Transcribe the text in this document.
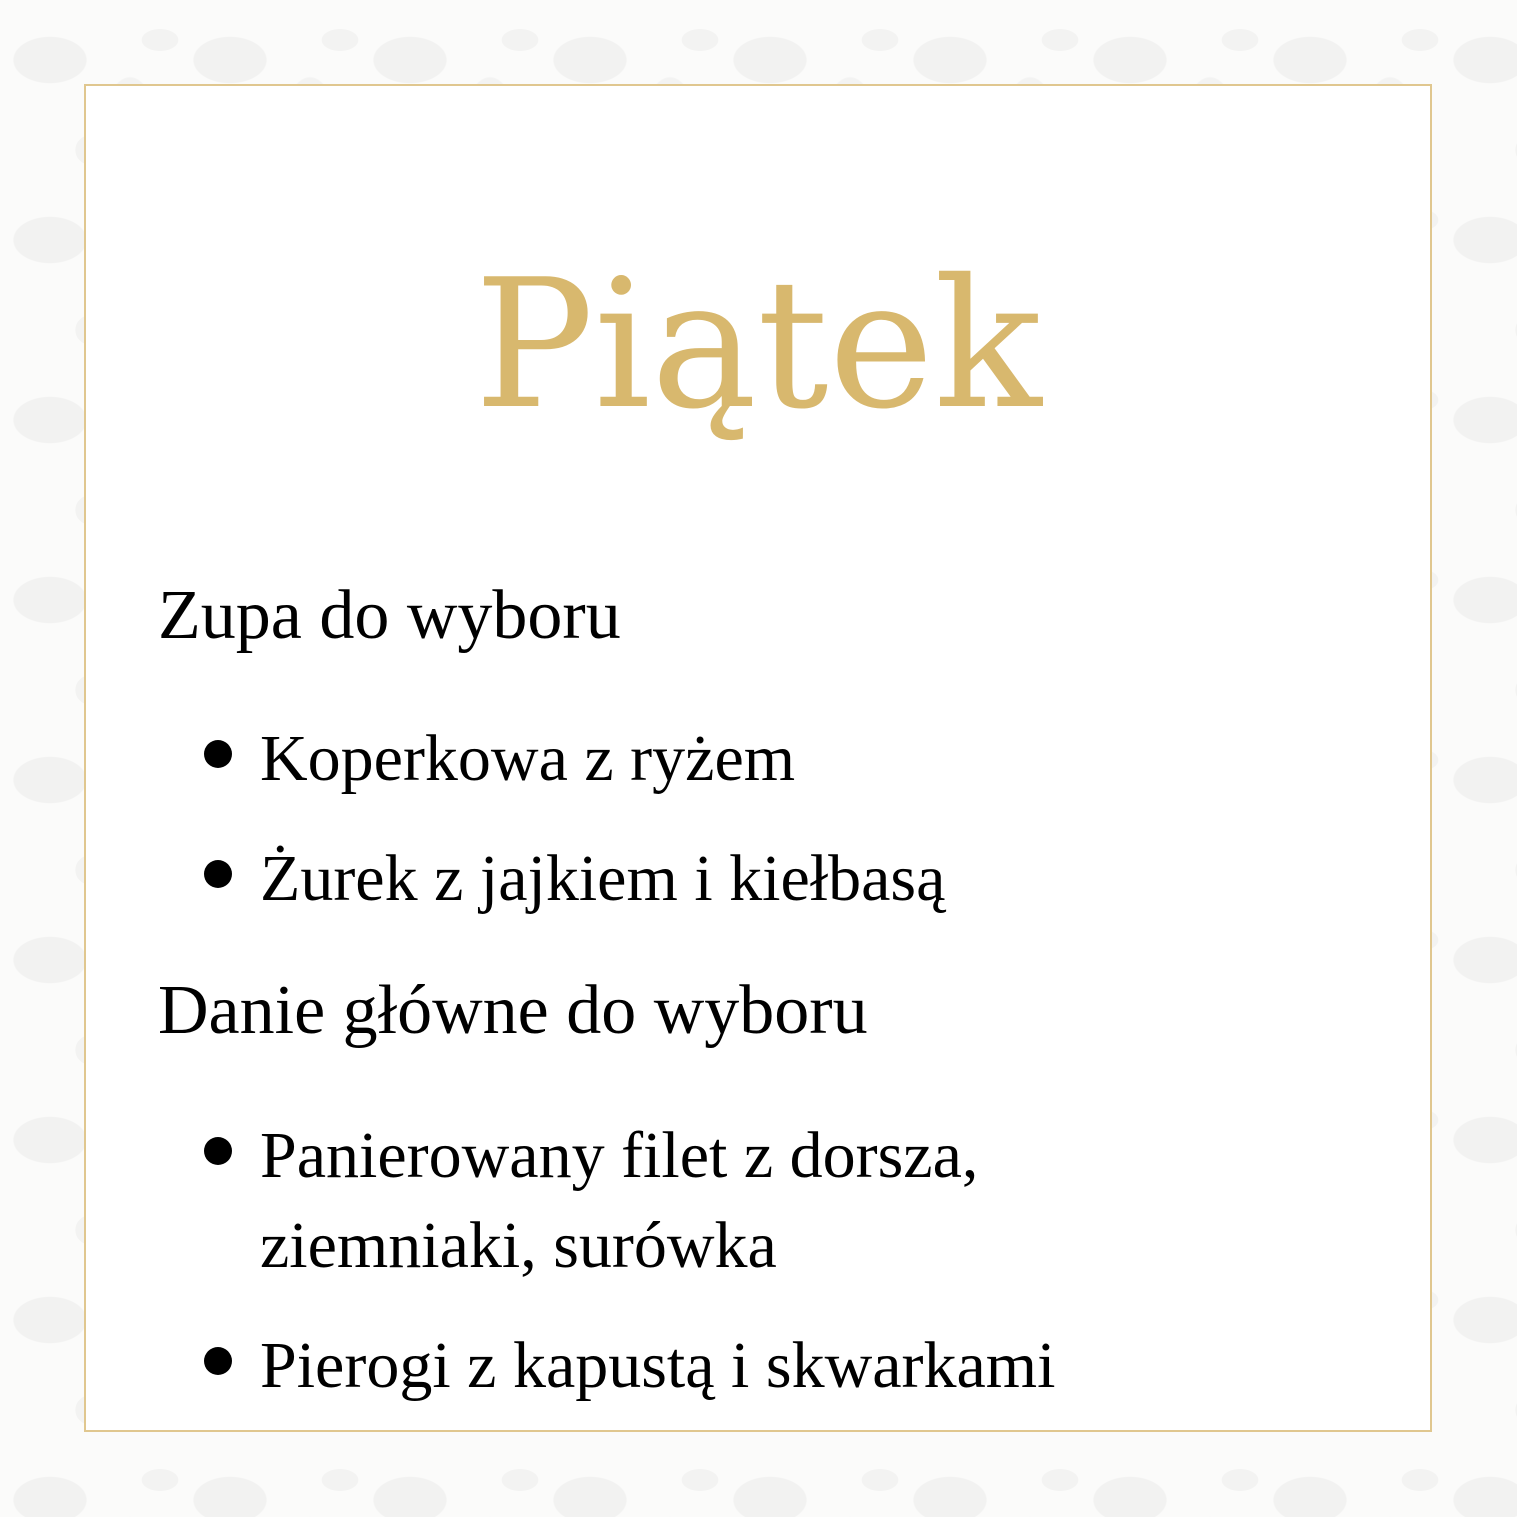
Piątek
Zupa do wyboru
Koperkowa z ryżem
Żurek z jajkiem i kiełbasą
Danie główne do wyboru
Panierowany filet z dorsza, ziemniaki, surówka
Pierogi z kapustą i skwarkami
